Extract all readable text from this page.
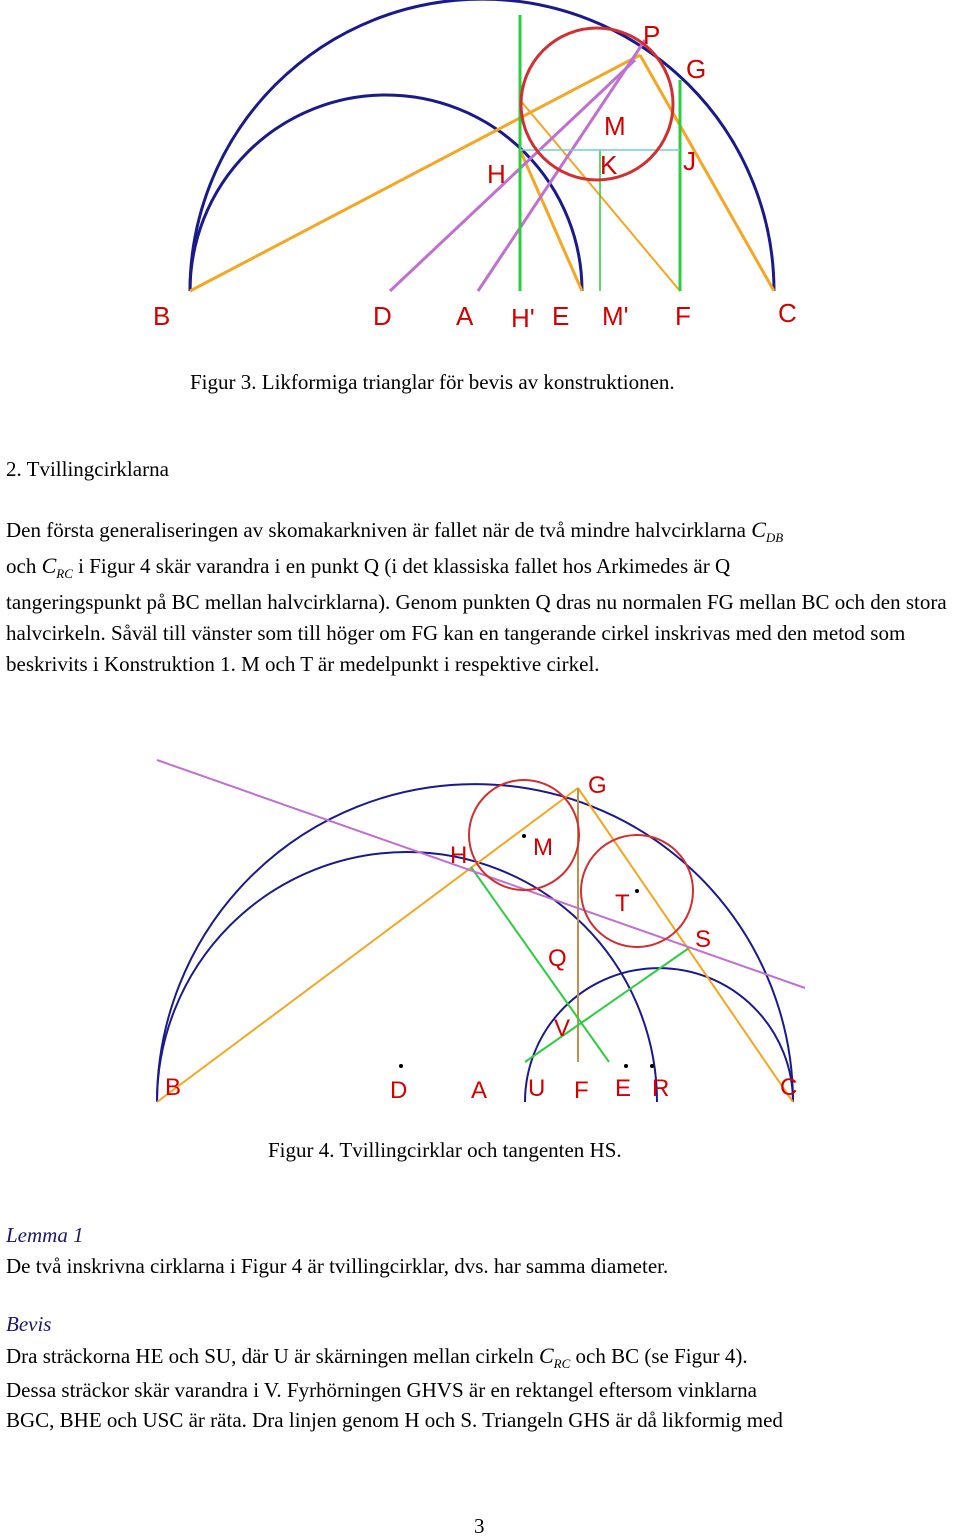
P
G
M
K	J
H
B	D A H' E M' F	C
Figur 3. Likformiga trianglar för bevis av konstruktionen.
2. Tvillingcirklarna
Den första generaliseringen av skomakarkniven är fallet när de två mindre halvcirklarna $C_{DB}$
och $C_{RC}$ i Figur 4 skär varandra i en punkt Q (i det klassiska fallet hos Arkimedes är Q
tangeringspunkt på BC mellan halvcirklarna). Genom punkten Q dras nu normalen FG mellan BC och den stora halvcirkeln. Såväl till vänster som till höger om FG kan en tangerande cirkel inskrivas med den metod som beskrivits i Konstruktion 1. M och T är medelpunkt i respektive cirkel.
G
H	M
T
S
Q
V
B	D	A U F E R	C
Figur 4. Tvillingcirklar och tangenten HS.
Lemma 1
De två inskrivna cirklarna i Figur 4 är tvillingcirklar, dvs. har samma diameter.
Bevis
Dra sträckorna HE och SU, där U är skärningen mellan cirkeln $C_{RC}$ och BC (se Figur 4).
Dessa sträckor skär varandra i V. Fyrhörningen GHVS är en rektangel eftersom vinklarna
BGC, BHE och USC är räta. Dra linjen genom H och S. Triangeln GHS är då likformig med
3
